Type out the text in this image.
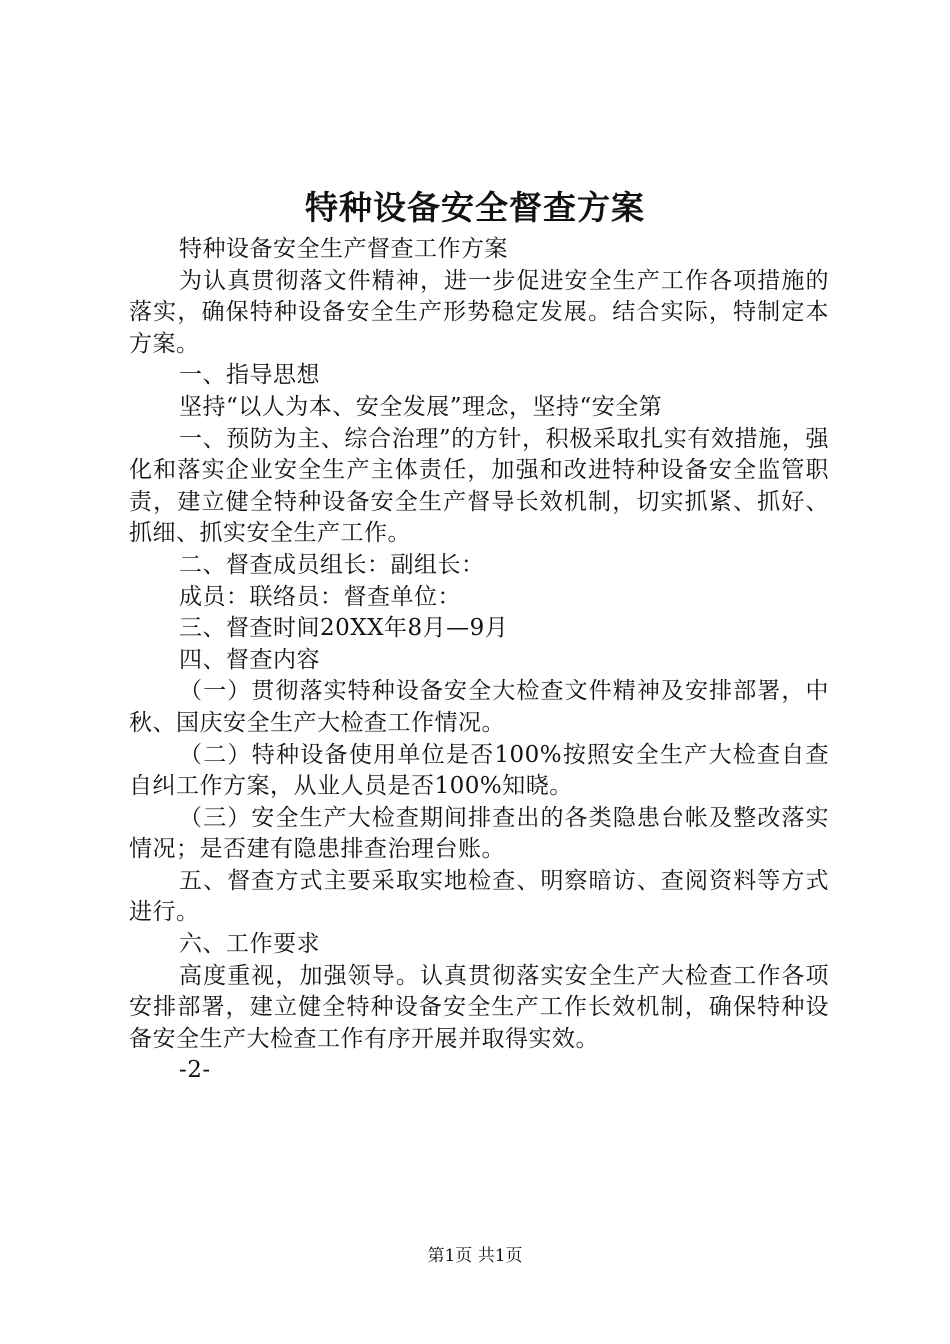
特种设备安全督查方案

特种设备安全生产督查工作方案

为认真贯彻落文件精神，进一步促进安全生产工作各项措施的落实，确保特种设备安全生产形势稳定发展。结合实际，特制定本方案。

一、指导思想

坚持“以人为本、安全发展”理念，坚持“安全第

一、预防为主、综合治理”的方针，积极采取扎实有效措施，强化和落实企业安全生产主体责任，加强和改进特种设备安全监管职责，建立健全特种设备安全生产督导长效机制，切实抓紧、抓好、抓细、抓实安全生产工作。

二、督查成员组长：副组长：

成员：联络员：督查单位：

三、督查时间20XX年8月—9月

四、督查内容

（一）贯彻落实特种设备安全大检查文件精神及安排部署，中秋、国庆安全生产大检查工作情况。

（二）特种设备使用单位是否100%按照安全生产大检查自查自纠工作方案，从业人员是否100%知晓。

（三）安全生产大检查期间排查出的各类隐患台帐及整改落实情况；是否建有隐患排查治理台账。

五、督查方式主要采取实地检查、明察暗访、查阅资料等方式进行。

六、工作要求

高度重视，加强领导。认真贯彻落实安全生产大检查工作各项安排部署，建立健全特种设备安全生产工作长效机制，确保特种设备安全生产大检查工作有序开展并取得实效。

-2-

第1页 共1页
